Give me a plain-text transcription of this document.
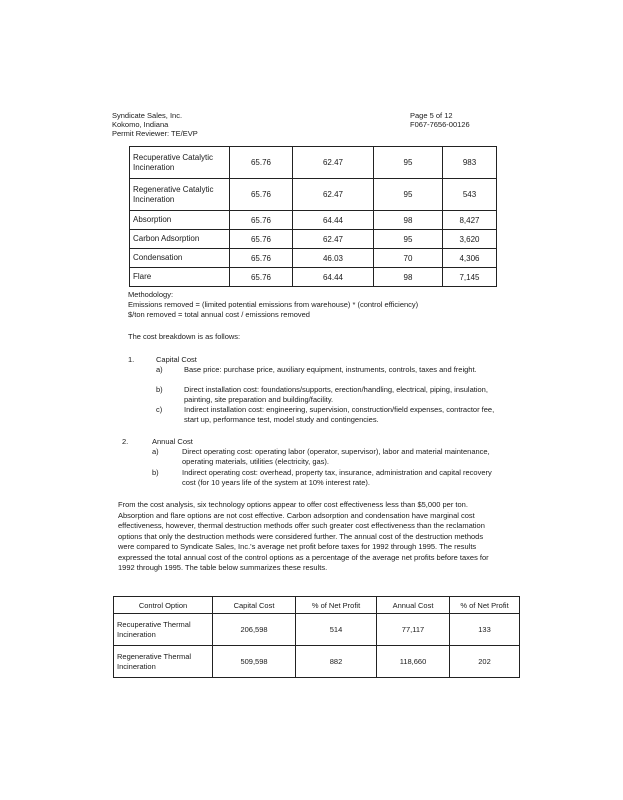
Syndicate Sales, Inc.
Kokomo, Indiana
Permit Reviewer: TE/EVP
Page 5 of 12
F067-7656-00126
Recuperative Catalytic Incineration	65.76	62.47	95	983
Regenerative Catalytic Incineration	65.76	62.47	95	543
Absorption	65.76	64.44	98	8,427
Carbon Adsorption	65.76	62.47	95	3,620
Condensation	65.76	46.03	70	4,306
Flare	65.76	64.44	98	7,145
Methodology:
Emissions removed = (limited potential emissions from warehouse) * (control efficiency)
$/ton removed = total annual cost / emissions removed
The cost breakdown is as follows:
1.	Capital Cost
a)	Base price: purchase price, auxiliary equipment, instruments, controls, taxes and freight.
b)	Direct installation cost: foundations/supports, erection/handling, electrical, piping, insulation, painting, site preparation and building/facility.
c)	Indirect installation cost: engineering, supervision, construction/field expenses, contractor fee, start up, performance test, model study and contingencies.
2.	Annual Cost
a)	Direct operating cost: operating labor (operator, supervisor), labor and material maintenance, operating materials, utilities (electricity, gas).
b)	Indirect operating cost: overhead, property tax, insurance, administration and capital recovery cost (for 10 years life of the system at 10% interest rate).
From the cost analysis, six technology options appear to offer cost effectiveness less than $5,000 per ton. Absorption and flare options are not cost effective. Carbon adsorption and condensation have marginal cost effectiveness, however, thermal destruction methods offer such greater cost effectiveness than the reclamation options that only the destruction methods were considered further. The annual cost of the destruction methods were compared to Syndicate Sales, Inc.'s average net profit before taxes for 1992 through 1995. The results expressed the total annual cost of the control options as a percentage of the average net profits before taxes for 1992 through 1995. The table below summarizes these results.
Control Option	Capital Cost	% of Net Profit	Annual Cost	% of Net Profit
Recuperative Thermal Incineration	206,598	514	77,117	133
Regenerative Thermal Incineration	509,598	882	118,660	202
